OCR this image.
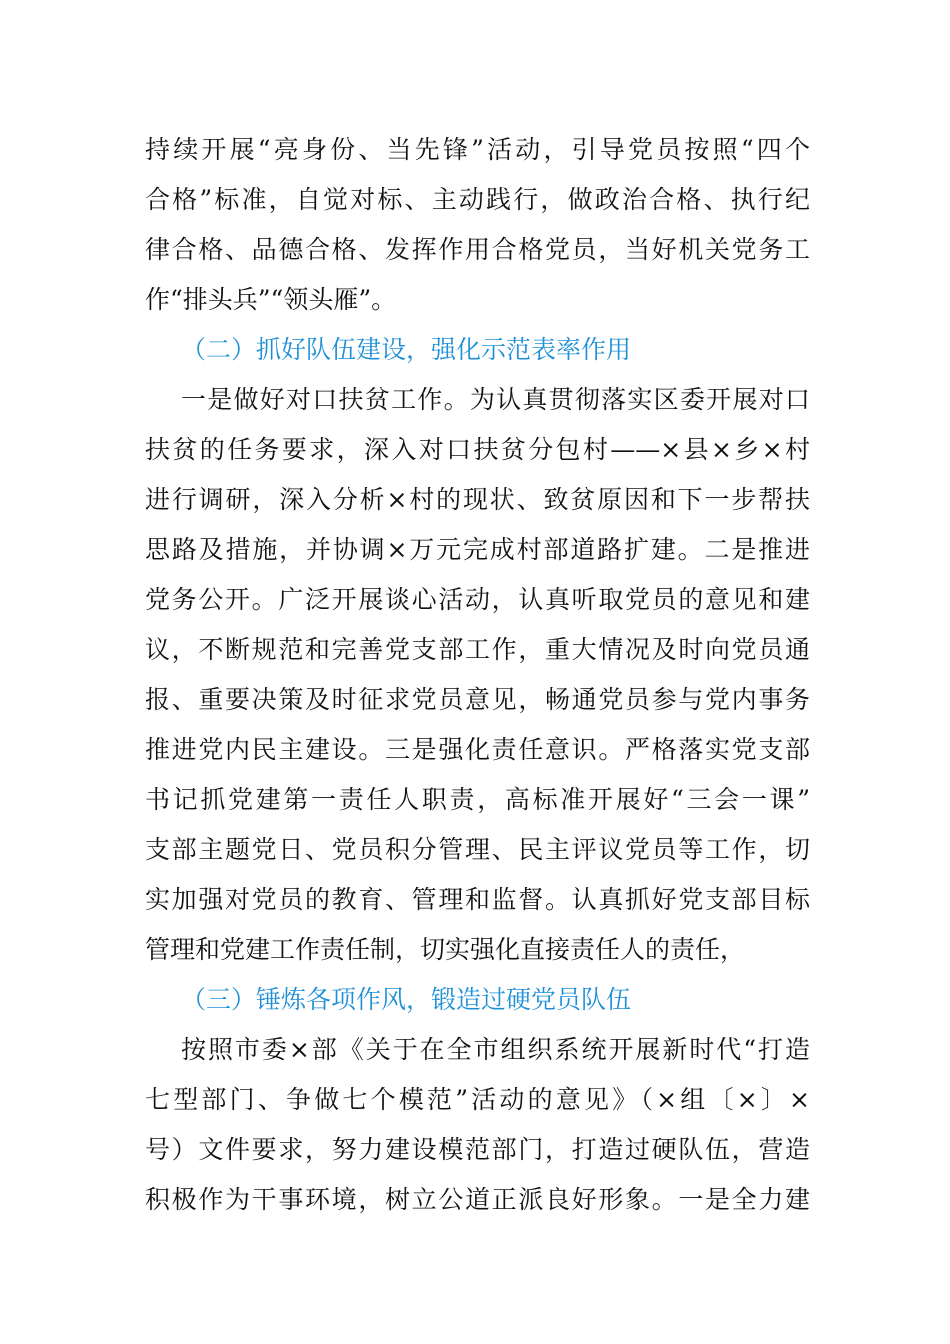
持续开展“亮身份、当先锋”活动，引导党员按照“四个
合格”标准，自觉对标、主动践行，做政治合格、执行纪
律合格、品德合格、发挥作用合格党员，当好机关党务工
作“排头兵”“领头雁”。
（二）抓好队伍建设，强化示范表率作用
一是做好对口扶贫工作。为认真贯彻落实区委开展对口
扶贫的任务要求，深入对口扶贫分包村——×县×乡×村
进行调研，深入分析×村的现状、致贫原因和下一步帮扶
思路及措施，并协调×万元完成村部道路扩建。二是推进
党务公开。广泛开展谈心活动，认真听取党员的意见和建
议，不断规范和完善党支部工作，重大情况及时向党员通
报、重要决策及时征求党员意见，畅通党员参与党内事务
推进党内民主建设。三是强化责任意识。严格落实党支部
书记抓党建第一责任人职责，高标准开展好“三会一课”
支部主题党日、党员积分管理、民主评议党员等工作，切
实加强对党员的教育、管理和监督。认真抓好党支部目标
管理和党建工作责任制，切实强化直接责任人的责任，
（三）锤炼各项作风，锻造过硬党员队伍
按照市委×部《关于在全市组织系统开展新时代“打造
七型部门、争做七个模范”活动的意见》（×组〔×〕×
号）文件要求，努力建设模范部门，打造过硬队伍，营造
积极作为干事环境，树立公道正派良好形象。一是全力建
